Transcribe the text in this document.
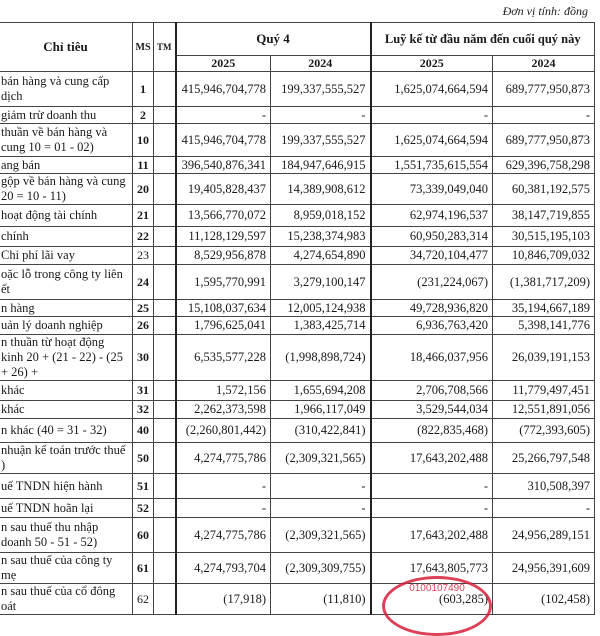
Đơn vị tính: đồng
Chỉ tiêu	MS	TM	Quý 4		Luỹ kế từ đầu năm đến cuối quý này	
			2025	2024	2025	2024
bán hàng và cung cấp dịch	1		415,946,704,778	199,337,555,527	1,625,074,664,594	689,777,950,873
giảm trừ doanh thu	2		-	-	-	-
thuần về bán hàng và cung 10 = 01 - 02)	10		415,946,704,778	199,337,555,527	1,625,074,664,594	689,777,950,873
ang bán	11		396,540,876,341	184,947,646,915	1,551,735,615,554	629,396,758,298
gộp về bán hàng và cung 20 = 10 - 11)	20		19,405,828,437	14,389,908,612	73,339,049,040	60,381,192,575
hoạt động tài chính	21		13,566,770,072	8,959,018,152	62,974,196,537	38,147,719,855
chính	22		11,128,129,597	15,238,374,983	60,950,283,314	30,515,195,103
Chi phí lãi vay	23		8,529,956,878	4,274,654,890	34,720,104,477	10,846,709,032
oặc lỗ trong công ty liên ết	24		1,595,770,991	3,279,100,147	(231,224,067)	(1,381,717,209)
n hàng	25		15,108,037,634	12,005,124,938	49,728,936,820	35,194,667,189
uản lý doanh nghiệp	26		1,796,625,041	1,383,425,714	6,936,763,420	5,398,141,776
n thuần từ hoạt động kinh 20 + (21 - 22) - (25 + 26) +	30		6,535,577,228	(1,998,898,724)	18,466,037,956	26,039,191,153
khác	31		1,572,156	1,655,694,208	2,706,708,566	11,779,497,451
khác	32		2,262,373,598	1,966,117,049	3,529,544,034	12,551,891,056
n khác (40 = 31 - 32)	40		(2,260,801,442)	(310,422,841)	(822,835,468)	(772,393,605)
nhuận kế toán trước thuế )	50		4,274,775,786	(2,309,321,565)	17,643,202,488	25,266,797,548
uế TNDN hiện hành	51		-	-	-	310,508,397
uế TNDN hoãn lại	52		-	-	-	-
n sau thuế thu nhập doanh 50 - 51 - 52)	60		4,274,775,786	(2,309,321,565)	17,643,202,488	24,956,289,151
n sau thuế của công ty mẹ	61		4,274,793,704	(2,309,309,755)	17,643,805,773	24,956,391,609
n sau thuế của cổ đông oát	62		(17,918)	(11,810)	(603,285)	(102,458)
0100107490
